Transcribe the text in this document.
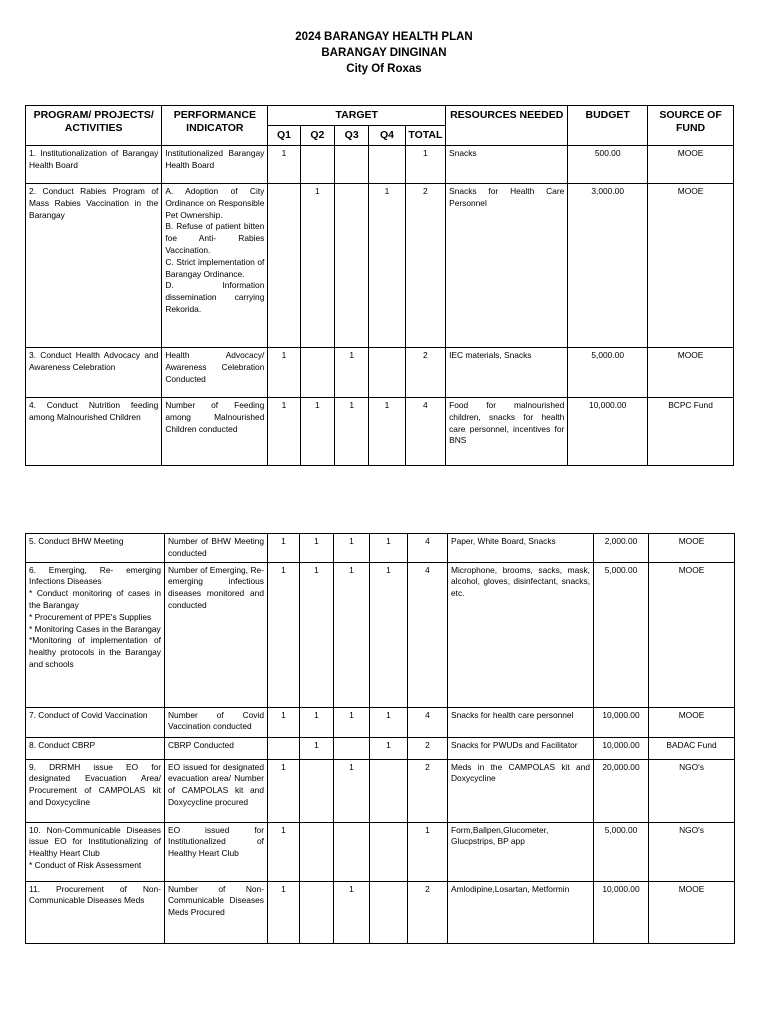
2024 BARANGAY HEALTH PLAN
BARANGAY DINGINAN
City Of Roxas
PROGRAM/ PROJECTS/ ACTIVITIES	PERFORMANCE INDICATOR	TARGET					RESOURCES NEEDED	BUDGET	SOURCE OF FUND
		Q1	Q2	Q3	Q4	TOTAL			
1. Institutionalization of Barangay Health Board	Institutionalized Barangay Health Board	1				1	Snacks	500.00	MOOE
2. Conduct Rabies Program of Mass Rabies Vaccination in the Barangay	A. Adoption of City Ordinance on Responsible Pet Ownership.
B. Refuse of patient bitten foe Anti- Rabies Vaccination.
C. Strict implementation of Barangay Ordinance.
D. Information dissemination carrying Rekorida.		1		1	2	Snacks for Health Care Personnel	3,000.00	MOOE
3. Conduct Health Advocacy and Awareness Celebration	Health Advocacy/ Awareness Celebration Conducted	1		1		2	IEC materials, Snacks	5,000.00	MOOE
4. Conduct Nutrition feeding among Malnourished Children	Number of Feeding among Malnourished Children conducted	1	1	1	1	4	Food for malnourished children, snacks for health care personnel, incentives for BNS	10,000.00	BCPC Fund
5. Conduct BHW Meeting	Number of BHW Meeting conducted	1	1	1	1	4	Paper, White Board, Snacks	2,000.00	MOOE
6. Emerging, Re- emerging Infections Diseases
* Conduct monitoring of cases in the Barangay
* Procurement of PPE's Supplies
* Monitoring Cases in the Barangay
*Monitoring of implementation of healthy protocols in the Barangay and schools	Number of Emerging, Re- emerging infectious diseases monitored and conducted	1	1	1	1	4	Microphone, brooms, sacks, mask, alcohol, gloves, disinfectant, snacks, etc.	5,000.00	MOOE
7. Conduct of Covid Vaccination	Number of Covid Vaccination conducted	1	1	1	1	4	Snacks for health care personnel	10,000.00	MOOE
8. Conduct CBRP	CBRP Conducted		1		1	2	Snacks for PWUDs and Facilitator	10,000.00	BADAC Fund
9. DRRMH issue EO for designated Evacuation Area/ Procurement of CAMPOLAS kit and Doxycycline	EO issued for designated evacuation area/ Number of CAMPOLAS kit and Doxycycline procured	1		1		2	Meds in the CAMPOLAS kit and Doxycycline	20,000.00	NGO's
10. Non-Communicable Diseases issue EO for Institutionalizing of Healthy Heart Club
* Conduct of Risk Assessment	EO issued for Institutionalized of Healthy Heart Club	1				1	Form,Ballpen,Glucometer, Glucpstrips, BP app	5,000.00	NGO's
11. Procurement of Non- Communicable Diseases Meds	Number of Non- Communicable Diseases Meds Procured	1		1		2	Amlodipine,Losartan, Metformin	10,000.00	MOOE
